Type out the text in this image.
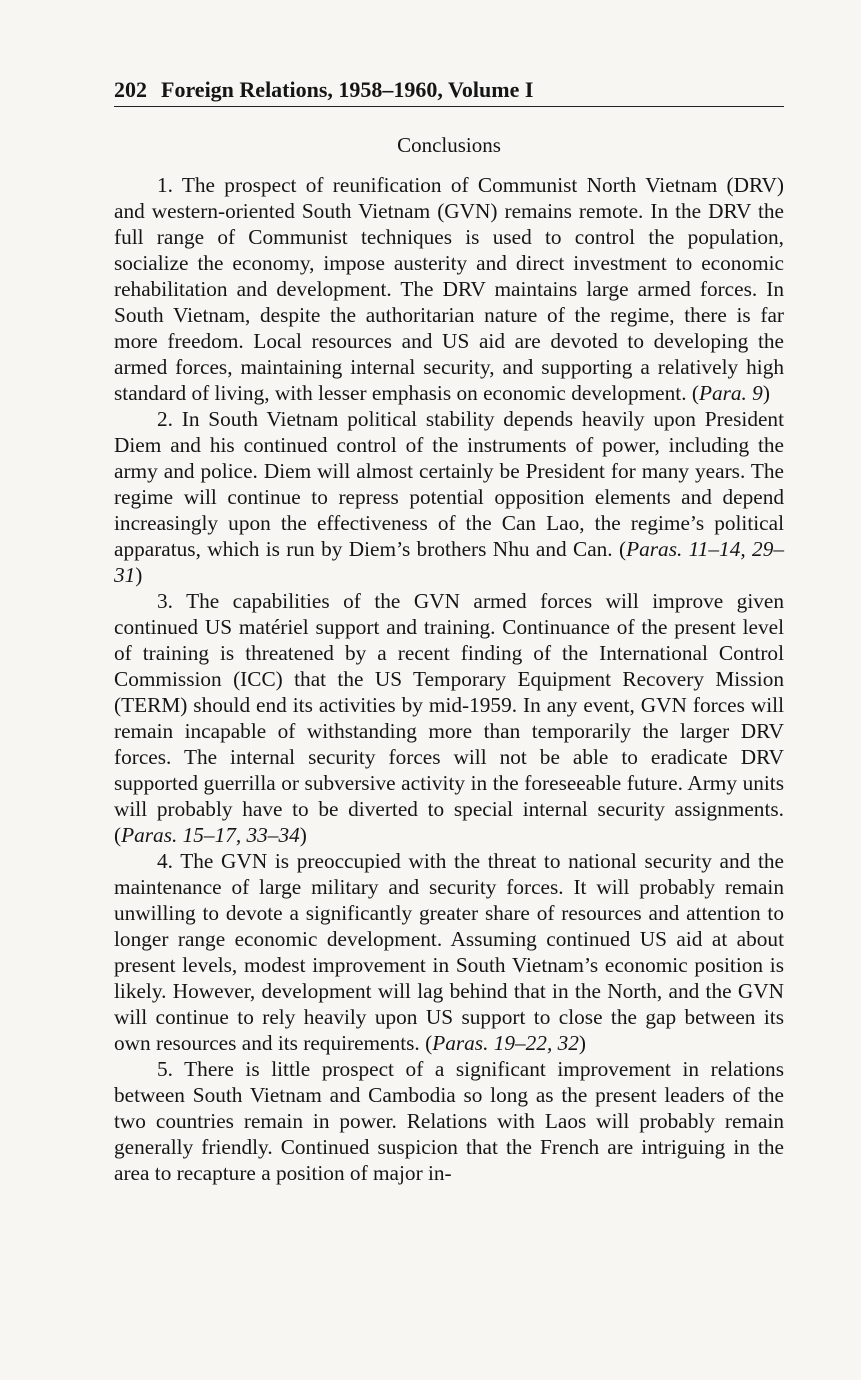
202 Foreign Relations, 1958–1960, Volume I
Conclusions

1. The prospect of reunification of Communist North Vietnam (DRV) and western-oriented South Vietnam (GVN) remains remote. In the DRV the full range of Communist techniques is used to control the population, socialize the economy, impose austerity and direct investment to economic rehabilitation and development. The DRV maintains large armed forces. In South Vietnam, despite the authoritarian nature of the regime, there is far more freedom. Local resources and US aid are devoted to developing the armed forces, maintaining internal security, and supporting a relatively high standard of living, with lesser emphasis on economic development. (Para. 9)

2. In South Vietnam political stability depends heavily upon President Diem and his continued control of the instruments of power, including the army and police. Diem will almost certainly be President for many years. The regime will continue to repress potential opposition elements and depend increasingly upon the effectiveness of the Can Lao, the regime’s political apparatus, which is run by Diem’s brothers Nhu and Can. (Paras. 11–14, 29–31)

3. The capabilities of the GVN armed forces will improve given continued US matériel support and training. Continuance of the present level of training is threatened by a recent finding of the International Control Commission (ICC) that the US Temporary Equipment Recovery Mission (TERM) should end its activities by mid-1959. In any event, GVN forces will remain incapable of withstanding more than temporarily the larger DRV forces. The internal security forces will not be able to eradicate DRV supported guerrilla or subversive activity in the foreseeable future. Army units will probably have to be diverted to special internal security assignments. (Paras. 15–17, 33–34)

4. The GVN is preoccupied with the threat to national security and the maintenance of large military and security forces. It will probably remain unwilling to devote a significantly greater share of resources and attention to longer range economic development. Assuming continued US aid at about present levels, modest improvement in South Vietnam’s economic position is likely. However, development will lag behind that in the North, and the GVN will continue to rely heavily upon US support to close the gap between its own resources and its requirements. (Paras. 19–22, 32)

5. There is little prospect of a significant improvement in relations between South Vietnam and Cambodia so long as the present leaders of the two countries remain in power. Relations with Laos will probably remain generally friendly. Continued suspicion that the French are intriguing in the area to recapture a position of major in-
